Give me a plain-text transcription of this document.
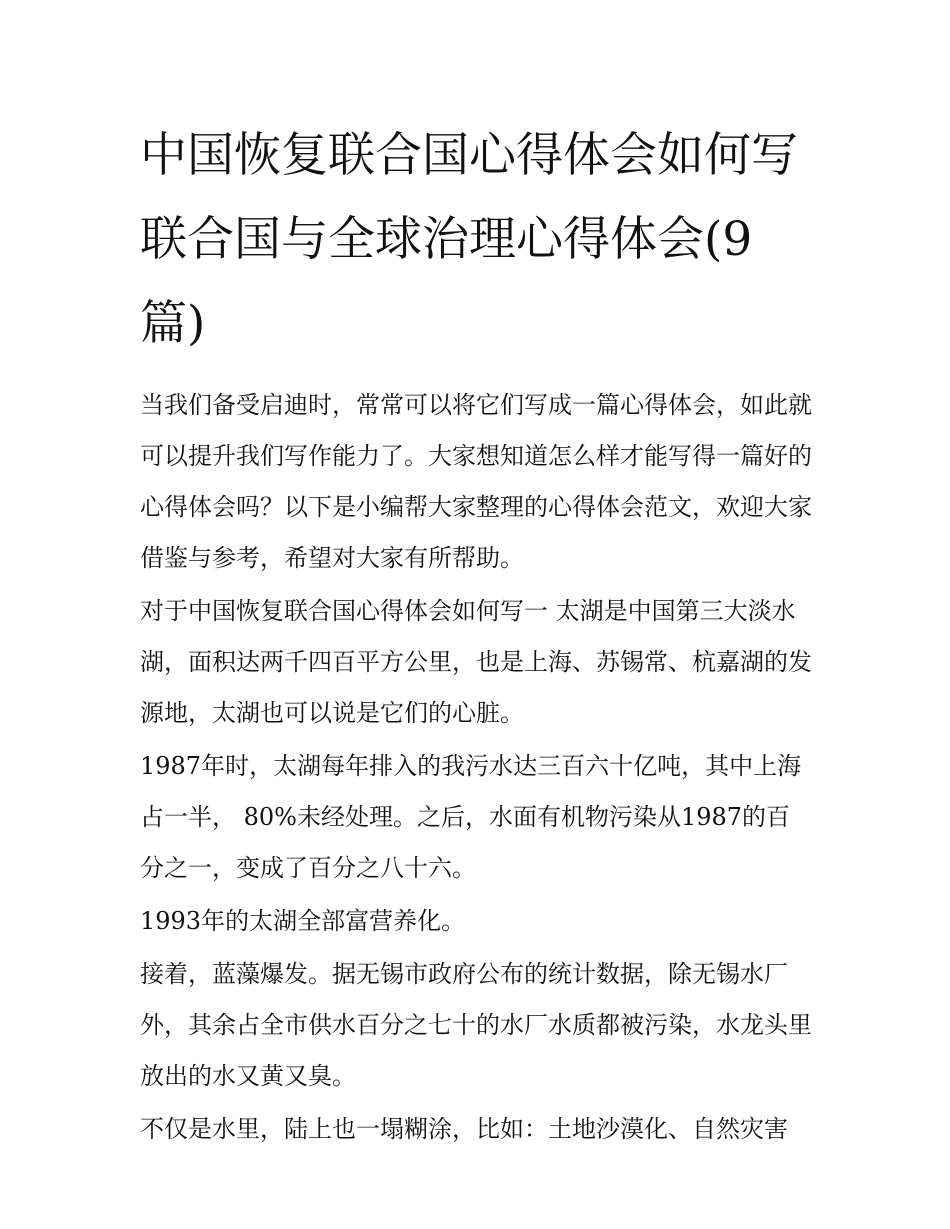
中国恢复联合国心得体会如何写 联合国与全球治理心得体会(9篇)

当我们备受启迪时，常常可以将它们写成一篇心得体会，如此就可以提升我们写作能力了。大家想知道怎么样才能写得一篇好的心得体会吗？以下是小编帮大家整理的心得体会范文，欢迎大家借鉴与参考，希望对大家有所帮助。

对于中国恢复联合国心得体会如何写一 太湖是中国第三大淡水湖，面积达两千四百平方公里，也是上海、苏锡常、杭嘉湖的发源地，太湖也可以说是它们的心脏。

1987年时，太湖每年排入的我污水达三百六十亿吨，其中上海占一半， 80%未经处理。之后，水面有机物污染从1987的百分之一，变成了百分之八十六。

1993年的太湖全部富营养化。

接着，蓝藻爆发。据无锡市政府公布的统计数据，除无锡水厂外，其余占全市供水百分之七十的水厂水质都被污染，水龙头里放出的水又黄又臭。

不仅是水里，陆上也一塌糊涂，比如：土地沙漠化、自然灾害
